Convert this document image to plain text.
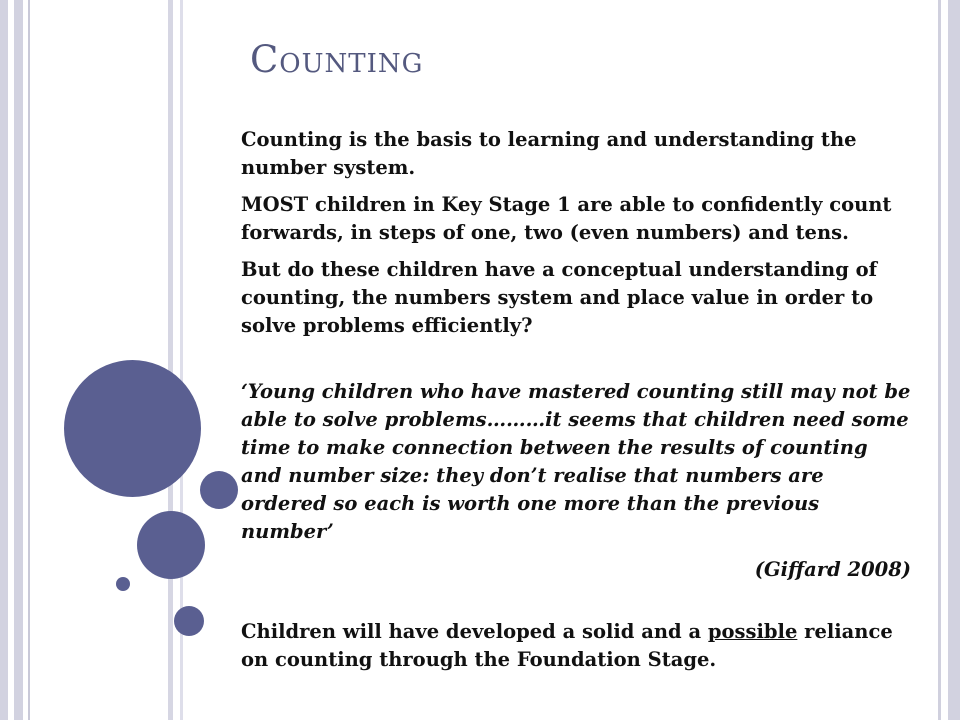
Counting

Counting is the basis to learning and understanding the number system.

MOST children in Key Stage 1 are able to confidently count forwards, in steps of one, two (even numbers) and tens.

But do these children have a conceptual understanding of counting, the numbers system and place value in order to solve problems efficiently?

‘Young children who have mastered counting still may not be able to solve problems………it seems that children need some time to make connection between the results of counting and number size: they don’t realise that numbers are ordered so each is worth one more than the previous number’

(Giffard 2008)

Children will have developed a solid and a possible reliance on counting through the Foundation Stage.
